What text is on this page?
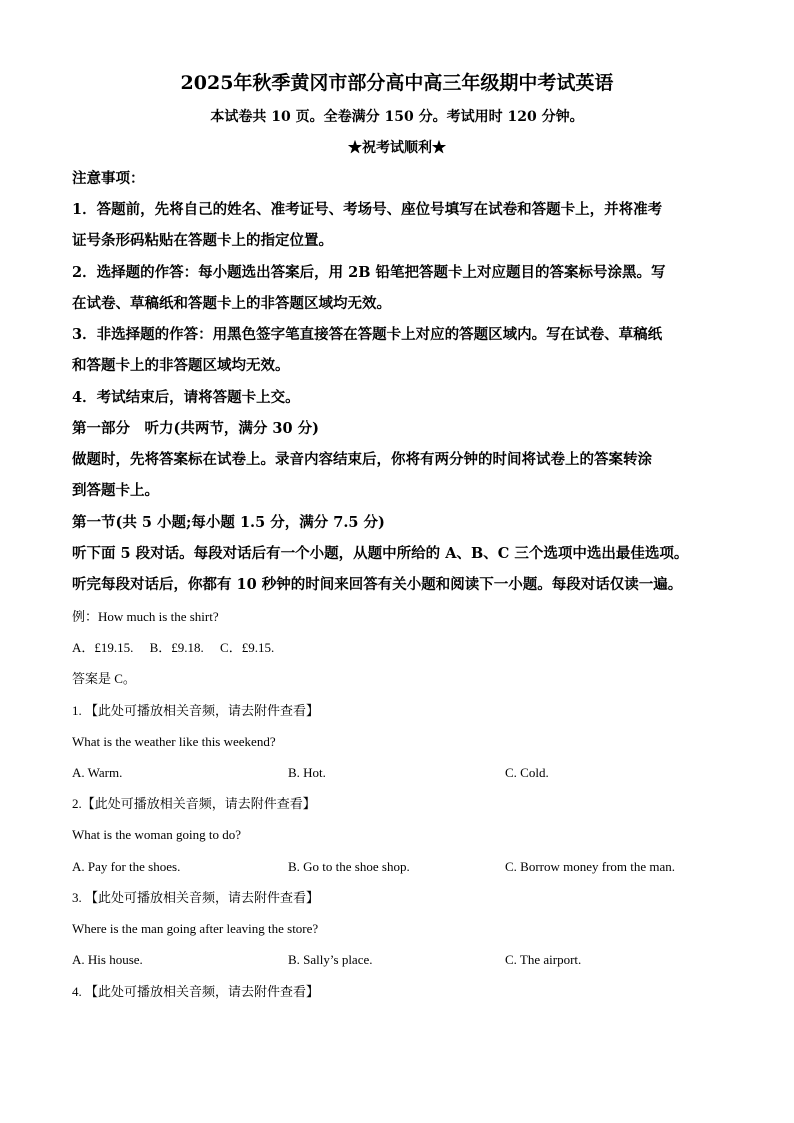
2025年秋季黄冈市部分高中高三年级期中考试英语
本试卷共 10 页。全卷满分 150 分。考试用时 120 分钟。
★祝考试顺利★
注意事项：
1．答题前，先将自己的姓名、准考证号、考场号、座位号填写在试卷和答题卡上，并将准考
证号条形码粘贴在答题卡上的指定位置。
2．选择题的作答：每小题选出答案后，用 2B 铅笔把答题卡上对应题目的答案标号涂黑。写
在试卷、草稿纸和答题卡上的非答题区域均无效。
3．非选择题的作答：用黑色签字笔直接答在答题卡上对应的答题区域内。写在试卷、草稿纸
和答题卡上的非答题区域均无效。
4．考试结束后，请将答题卡上交。
第一部分　听力(共两节，满分 30 分)
做题时，先将答案标在试卷上。录音内容结束后，你将有两分钟的时间将试卷上的答案转涂
到答题卡上。
第一节(共 5 小题;每小题 1.5 分，满分 7.5 分)
听下面 5 段对话。每段对话后有一个小题，从题中所给的 A、B、C 三个选项中选出最佳选项。
听完每段对话后，你都有 10 秒钟的时间来回答有关小题和阅读下一小题。每段对话仅读一遍。
例：How much is the shirt?
A．£19.15.　 B．£9.18.　 C．£9.15.
答案是 C。
1. 【此处可播放相关音频，请去附件查看】
What is the weather like this weekend?
A. Warm.	B. Hot.	C. Cold.
2.【此处可播放相关音频，请去附件查看】
What is the woman going to do?
A. Pay for the shoes.	B. Go to the shoe shop.	C. Borrow money from the man.
3. 【此处可播放相关音频，请去附件查看】
Where is the man going after leaving the store?
A. His house.	B. Sally’s place.	C. The airport.
4. 【此处可播放相关音频，请去附件查看】
